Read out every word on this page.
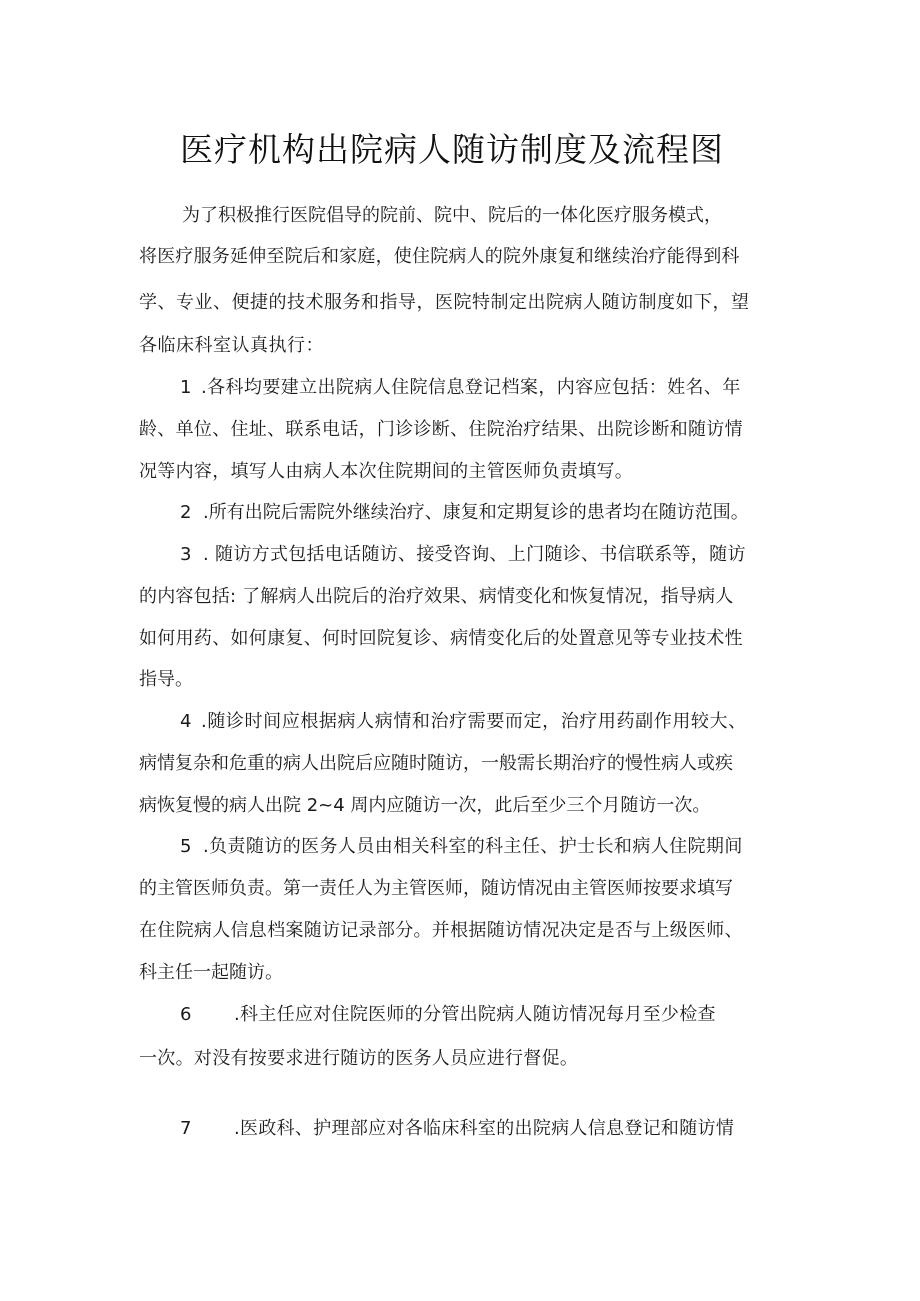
医疗机构出院病人随访制度及流程图
为了积极推行医院倡导的院前、院中、院后的一体化医疗服务模式，
将医疗服务延伸至院后和家庭，使住院病人的院外康复和继续治疗能得到科
学、专业、便捷的技术服务和指导，医院特制定出院病人随访制度如下，望
各临床科室认真执行：
1 .各科均要建立出院病人住院信息登记档案，内容应包括：姓名、年
龄、单位、住址、联系电话，门诊诊断、住院治疗结果、出院诊断和随访情
况等内容，填写人由病人本次住院期间的主管医师负责填写。
2 .所有出院后需院外继续治疗、康复和定期复诊的患者均在随访范围。
3 . 随访方式包括电话随访、接受咨询、上门随诊、书信联系等，随访
的内容包括: 了解病人出院后的治疗效果、病情变化和恢复情况，指导病人
如何用药、如何康复、何时回院复诊、病情变化后的处置意见等专业技术性
指导。
4 .随诊时间应根据病人病情和治疗需要而定，治疗用药副作用较大、
病情复杂和危重的病人出院后应随时随访，一般需长期治疗的慢性病人或疾
病恢复慢的病人出院 2~4 周内应随访一次，此后至少三个月随访一次。
5 .负责随访的医务人员由相关科室的科主任、护士长和病人住院期间
的主管医师负责。第一责任人为主管医师，随访情况由主管医师按要求填写
在住院病人信息档案随访记录部分。并根据随访情况决定是否与上级医师、
科主任一起随访。
6 .科主任应对住院医师的分管出院病人随访情况每月至少检查
一次。对没有按要求进行随访的医务人员应进行督促。
7 .医政科、护理部应对各临床科室的出院病人信息登记和随访情
